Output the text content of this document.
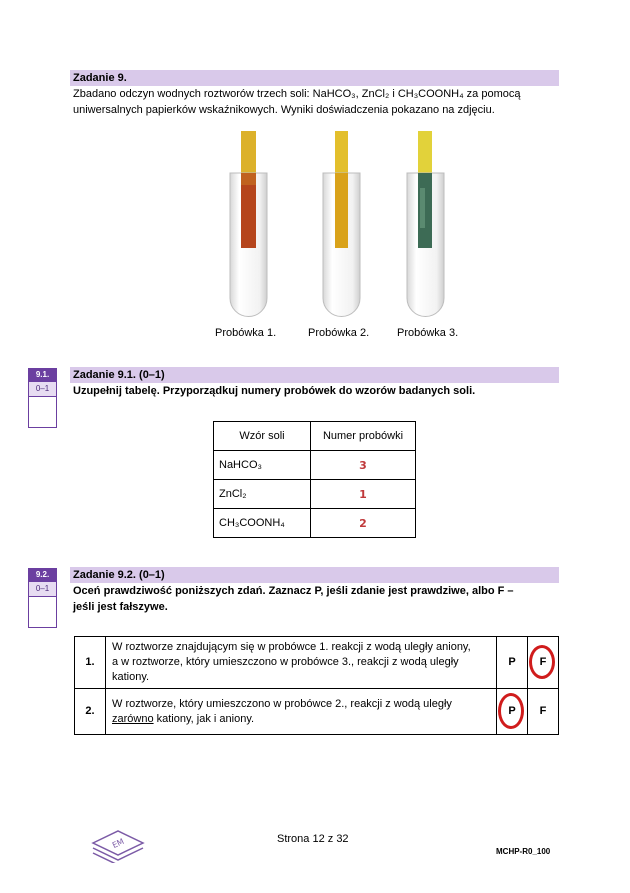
Zadanie 9.
Zbadano odczyn wodnych roztworów trzech soli: NaHCO₃, ZnCl₂ i CH₃COONH₄ za pomocą
uniwersalnych papierków wskaźnikowych. Wyniki doświadczenia pokazano na zdjęciu.
Probówka 1.	Probówka 2.	Probówka 3.
9.1.
0–1
Zadanie 9.1. (0–1)
Uzupełnij tabelę. Przyporządkuj numery probówek do wzorów badanych soli.
Wzór soli	Numer probówki
NaHCO₃	3
ZnCl₂	1
CH₃COONH₄	2
9.2.
0–1
Zadanie 9.2. (0–1)
Oceń prawdziwość poniższych zdań. Zaznacz P, jeśli zdanie jest prawdziwe, albo F –
jeśli jest fałszywe.
1.	W roztworze znajdującym się w probówce 1. reakcji z wodą uległy aniony,
a w roztworze, który umieszczono w probówce 3., reakcji z wodą uległy
kationy.	P	F

2.	W roztworze, który umieszczono w probówce 2., reakcji z wodą uległy
zarówno kationy, jak i aniony.	P	F
EM	Strona 12 z 32
MCHP-R0_100
